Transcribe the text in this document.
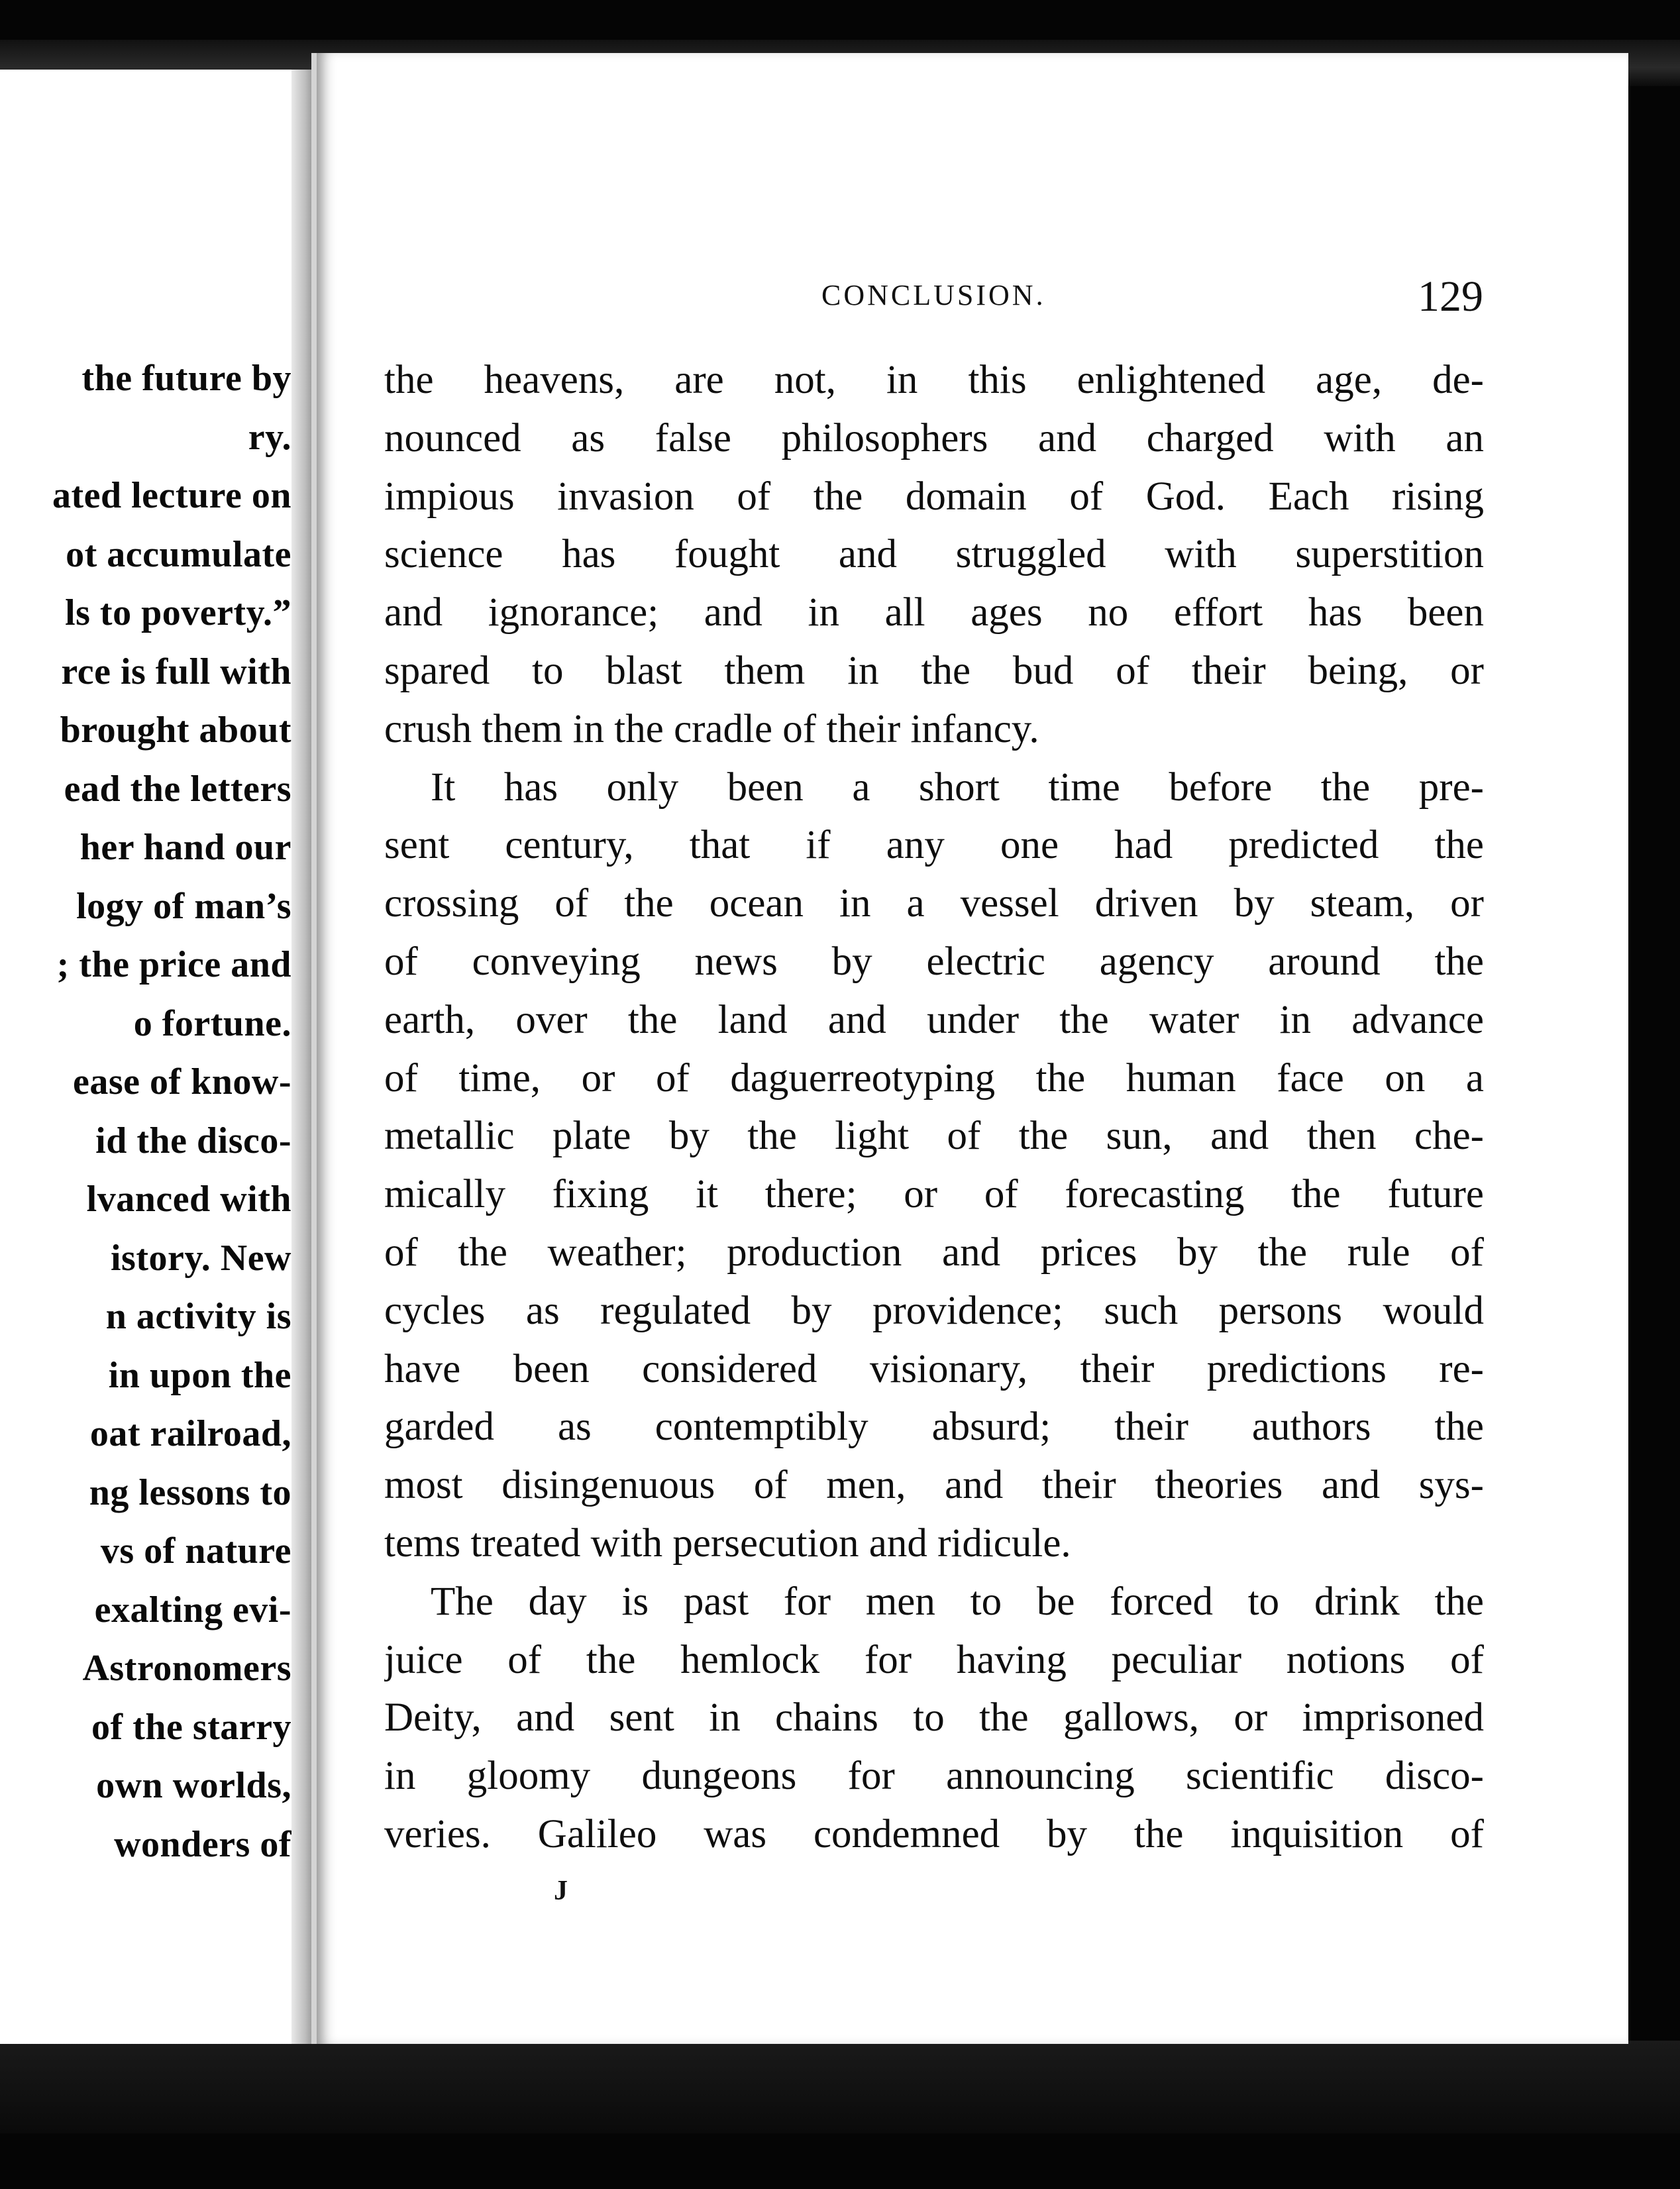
the future by
ry.
ated lecture on
ot accumulate
ls to poverty.”
rce is full with
brought about
ead the letters
her hand our
logy of man’s
; the price and
o fortune.
ease of know-
id the disco-
lvanced with
istory. New
n activity is
in upon the
oat railroad,
ng lessons to
vs of nature
exalting evi-
Astronomers
of the starry
own worlds,
wonders of
CONCLUSION.	129
the heavens, are not, in this enlightened age, de-
nounced as false philosophers and charged with an
impious invasion of the domain of God. Each rising
science has fought and struggled with superstition
and ignorance; and in all ages no effort has been
spared to blast them in the bud of their being, or
crush them in the cradle of their infancy.
It has only been a short time before the pre-
sent century, that if any one had predicted the
crossing of the ocean in a vessel driven by steam, or
of conveying news by electric agency around the
earth, over the land and under the water in advance
of time, or of daguerreotyping the human face on a
metallic plate by the light of the sun, and then che-
mically fixing it there; or of forecasting the future
of the weather; production and prices by the rule of
cycles as regulated by providence; such persons would
have been considered visionary, their predictions re-
garded as contemptibly absurd; their authors the
most disingenuous of men, and their theories and sys-
tems treated with persecution and ridicule.
The day is past for men to be forced to drink the
juice of the hemlock for having peculiar notions of
Deity, and sent in chains to the gallows, or imprisoned
in gloomy dungeons for announcing scientific disco-
veries. Galileo was condemned by the inquisition of
J
